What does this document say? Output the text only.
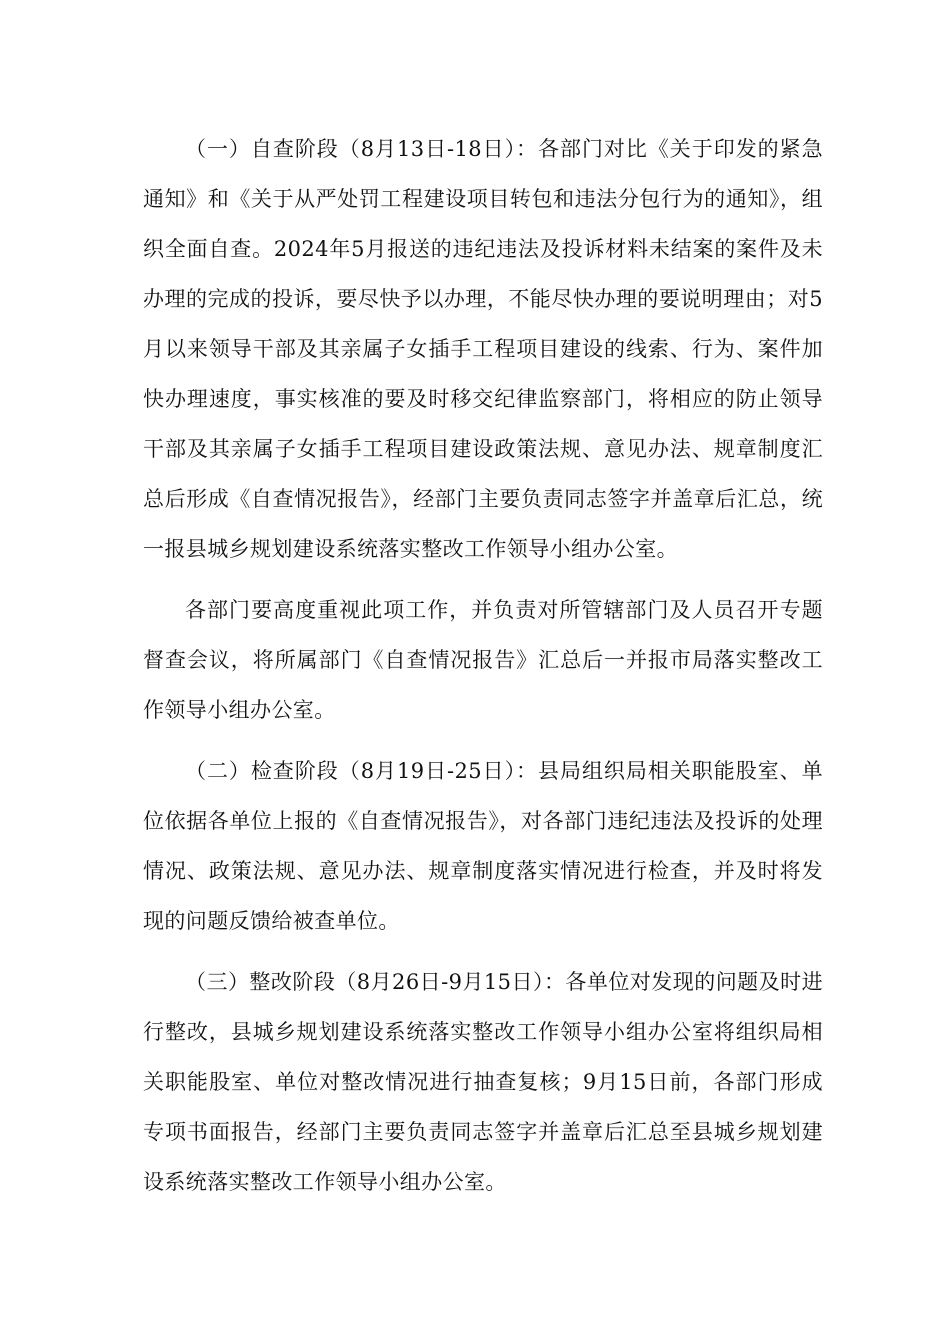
（一）自查阶段（8月13日-18日）：各部门对比《关于印发的紧急通知》和《关于从严处罚工程建设项目转包和违法分包行为的通知》，组织全面自查。2024年5月报送的违纪违法及投诉材料未结案的案件及未办理的完成的投诉，要尽快予以办理，不能尽快办理的要说明理由；对5月以来领导干部及其亲属子女插手工程项目建设的线索、行为、案件加快办理速度，事实核准的要及时移交纪律监察部门，将相应的防止领导干部及其亲属子女插手工程项目建设政策法规、意见办法、规章制度汇总后形成《自查情况报告》，经部门主要负责同志签字并盖章后汇总，统一报县城乡规划建设系统落实整改工作领导小组办公室。

各部门要高度重视此项工作，并负责对所管辖部门及人员召开专题督查会议，将所属部门《自查情况报告》汇总后一并报市局落实整改工作领导小组办公室。

（二）检查阶段（8月19日-25日）：县局组织局相关职能股室、单位依据各单位上报的《自查情况报告》，对各部门违纪违法及投诉的处理情况、政策法规、意见办法、规章制度落实情况进行检查，并及时将发现的问题反馈给被查单位。

（三）整改阶段（8月26日-9月15日）：各单位对发现的问题及时进行整改，县城乡规划建设系统落实整改工作领导小组办公室将组织局相关职能股室、单位对整改情况进行抽查复核；9月15日前，各部门形成专项书面报告，经部门主要负责同志签字并盖章后汇总至县城乡规划建设系统落实整改工作领导小组办公室。
